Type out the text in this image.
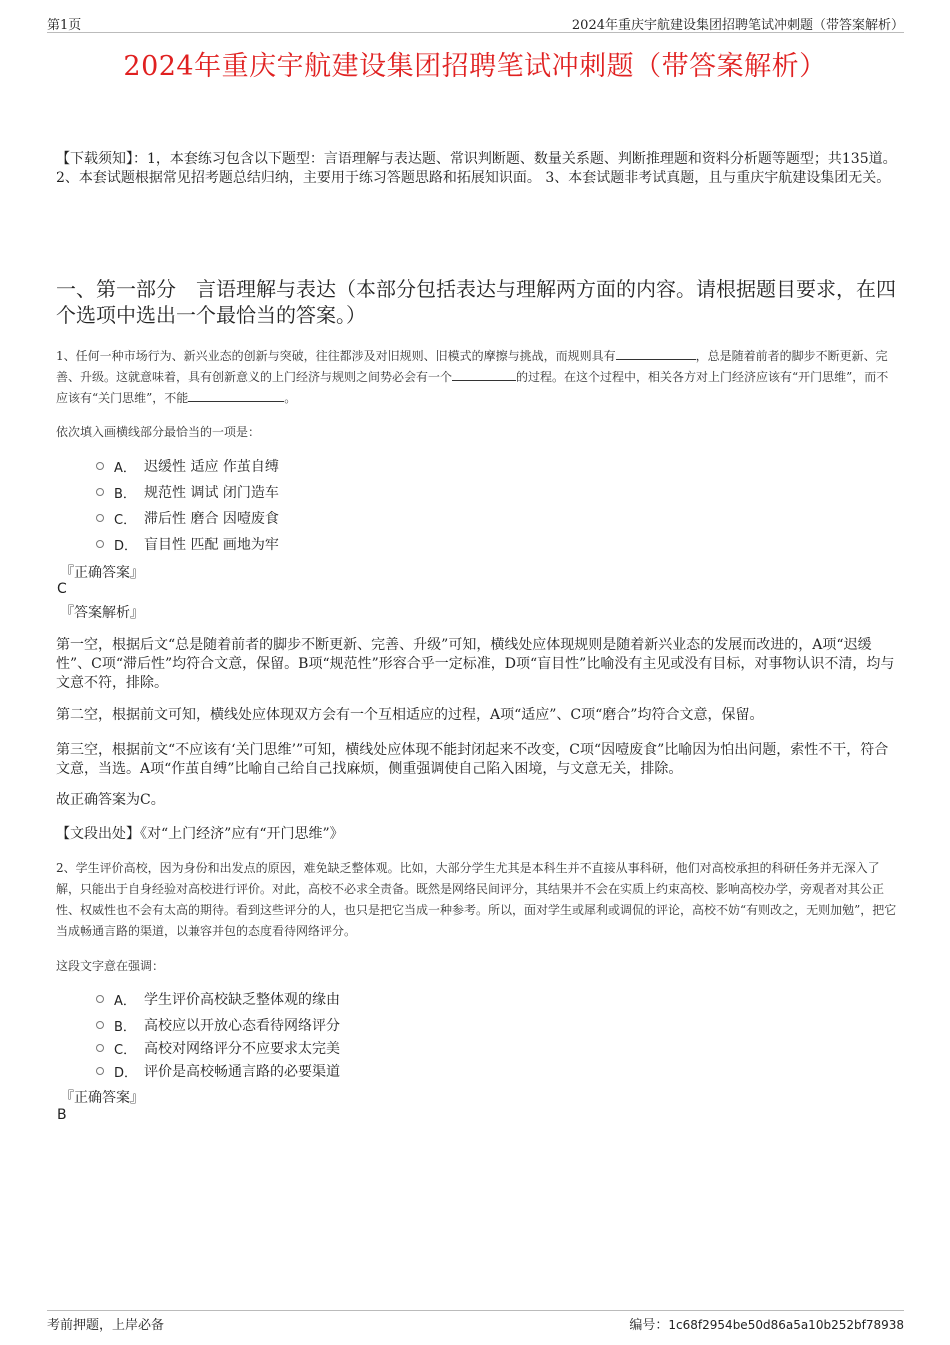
第1页	2024年重庆宇航建设集团招聘笔试冲刺题（带答案解析）
2024年重庆宇航建设集团招聘笔试冲刺题（带答案解析）
【下载须知】：1，本套练习包含以下题型：言语理解与表达题、常识判断题、数量关系题、判断推理题和资料分析题等题型；共135道。 2、本套试题根据常见招考题总结归纳，主要用于练习答题思路和拓展知识面。 3、本套试题非考试真题，且与重庆宇航建设集团无关。
一、第一部分　言语理解与表达（本部分包括表达与理解两方面的内容。请根据题目要求，在四个选项中选出一个最恰当的答案。）
1、任何一种市场行为、新兴业态的创新与突破，往往都涉及对旧规则、旧模式的摩擦与挑战，而规则具有	，总是随着前者的脚步不断更新、完善、升级。这就意味着，具有创新意义的上门经济与规则之间势必会有一个	的过程。在这个过程中，相关各方对上门经济应该有“开门思维”，而不应该有“关门思维”，不能	。
依次填入画横线部分最恰当的一项是：
A． 迟缓性 适应 作茧自缚
B． 规范性 调试 闭门造车
C． 滞后性 磨合 因噎废食
D． 盲目性 匹配 画地为牢
『正确答案』
C
『答案解析』
第一空，根据后文“总是随着前者的脚步不断更新、完善、升级”可知，横线处应体现规则是随着新兴业态的发展而改进的，A项“迟缓性”、C项“滞后性”均符合文意，保留。B项“规范性”形容合乎一定标准，D项“盲目性”比喻没有主见或没有目标，对事物认识不清，均与文意不符，排除。
第二空，根据前文可知，横线处应体现双方会有一个互相适应的过程，A项“适应”、C项“磨合”均符合文意，保留。
第三空，根据前文“不应该有‘关门思维’”可知，横线处应体现不能封闭起来不改变，C项“因噎废食”比喻因为怕出问题，索性不干，符合文意，当选。A项“作茧自缚”比喻自己给自己找麻烦，侧重强调使自己陷入困境，与文意无关，排除。
故正确答案为C。
【文段出处】《对“上门经济”应有“开门思维”》
2、学生评价高校，因为身份和出发点的原因，难免缺乏整体观。比如，大部分学生尤其是本科生并不直接从事科研，他们对高校承担的科研任务并无深入了解，只能出于自身经验对高校进行评价。对此，高校不必求全责备。既然是网络民间评分，其结果并不会在实质上约束高校、影响高校办学，旁观者对其公正性、权威性也不会有太高的期待。看到这些评分的人，也只是把它当成一种参考。所以，面对学生或犀利或调侃的评论，高校不妨“有则改之，无则加勉”，把它当成畅通言路的渠道，以兼容并包的态度看待网络评分。
这段文字意在强调：
A． 学生评价高校缺乏整体观的缘由
B． 高校应以开放心态看待网络评分
C． 高校对网络评分不应要求太完美
D． 评价是高校畅通言路的必要渠道
『正确答案』
B
考前押题，上岸必备	编号：1c68f2954be50d86a5a10b252bf78938
